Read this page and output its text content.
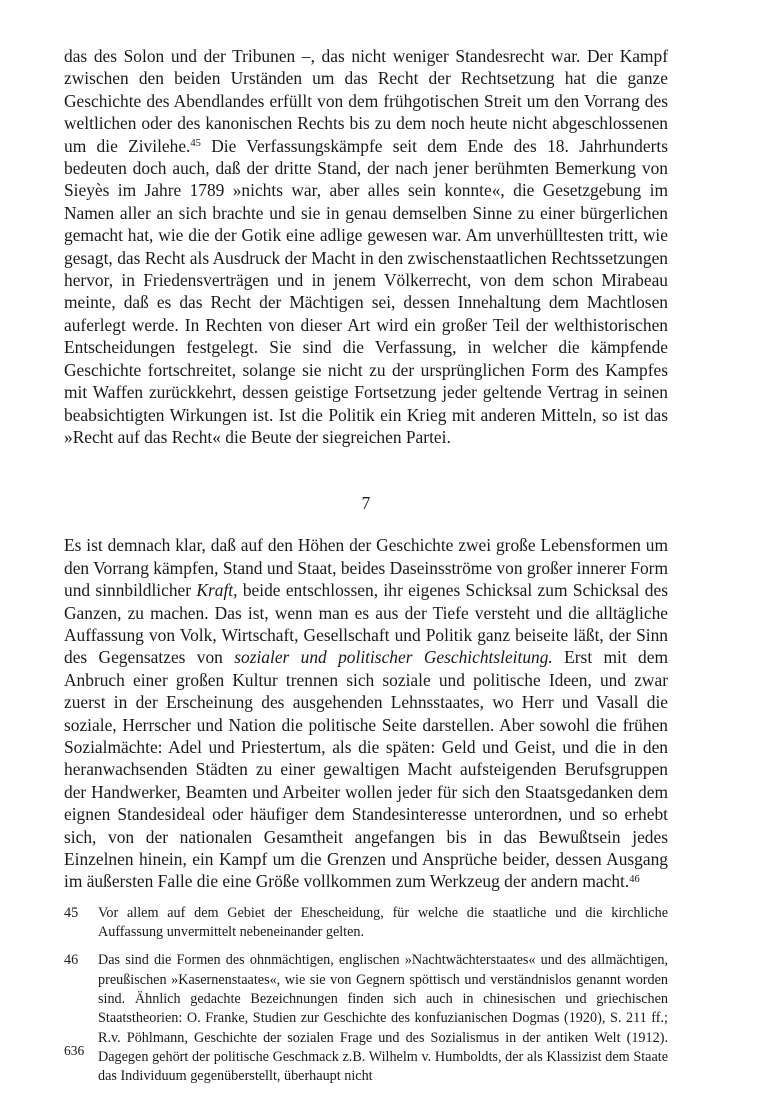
das des Solon und der Tribunen –, das nicht weniger Standesrecht war. Der Kampf zwischen den beiden Urständen um das Recht der Rechtsetzung hat die ganze Geschichte des Abendlandes erfüllt von dem frühgotischen Streit um den Vorrang des weltlichen oder des kanonischen Rechts bis zu dem noch heute nicht abgeschlossenen um die Zivilehe.$^{45}$ Die Verfassungskämpfe seit dem Ende des 18. Jahrhunderts bedeuten doch auch, daß der dritte Stand, der nach jener berühmten Bemerkung von Sieyès im Jahre 1789 »nichts war, aber alles sein konnte«, die Gesetzgebung im Namen aller an sich brachte und sie in genau demselben Sinne zu einer bürgerlichen gemacht hat, wie die der Gotik eine adlige gewesen war. Am unverhülltesten tritt, wie gesagt, das Recht als Ausdruck der Macht in den zwischenstaatlichen Rechtssetzungen hervor, in Friedensverträgen und in jenem Völkerrecht, von dem schon Mirabeau meinte, daß es das Recht der Mächtigen sei, dessen Innehaltung dem Machtlosen auferlegt werde. In Rechten von dieser Art wird ein großer Teil der welthistorischen Entscheidungen festgelegt. Sie sind die Verfassung, in welcher die kämpfende Geschichte fortschreitet, solange sie nicht zu der ursprünglichen Form des Kampfes mit Waffen zurückkehrt, dessen geistige Fortsetzung jeder geltende Vertrag in seinen beabsichtigten Wirkungen ist. Ist die Politik ein Krieg mit anderen Mitteln, so ist das »Recht auf das Recht« die Beute der siegreichen Partei.

7

Es ist demnach klar, daß auf den Höhen der Geschichte zwei große Lebensformen um den Vorrang kämpfen, Stand und Staat, beides Daseinsströme von großer innerer Form und sinnbildlicher Kraft, beide entschlossen, ihr eigenes Schicksal zum Schicksal des Ganzen, zu machen. Das ist, wenn man es aus der Tiefe versteht und die alltägliche Auffassung von Volk, Wirtschaft, Gesellschaft und Politik ganz beiseite läßt, der Sinn des Gegensatzes von sozialer und politischer Geschichtsleitung. Erst mit dem Anbruch einer großen Kultur trennen sich soziale und politische Ideen, und zwar zuerst in der Erscheinung des ausgehenden Lehnsstaates, wo Herr und Vasall die soziale, Herrscher und Nation die politische Seite darstellen. Aber sowohl die frühen Sozialmächte: Adel und Priestertum, als die späten: Geld und Geist, und die in den heranwachsenden Städten zu einer gewaltigen Macht aufsteigenden Berufsgruppen der Handwerker, Beamten und Arbeiter wollen jeder für sich den Staatsgedanken dem eignen Standesideal oder häufiger dem Standesinteresse unterordnen, und so erhebt sich, von der nationalen Gesamtheit angefangen bis in das Bewußtsein jedes Einzelnen hinein, ein Kampf um die Grenzen und Ansprüche beider, dessen Ausgang im äußersten Falle die eine Größe vollkommen zum Werkzeug der andern macht.$^{46}$

45	Vor allem auf dem Gebiet der Ehescheidung, für welche die staatliche und die kirchliche Auffassung unvermittelt nebeneinander gelten.
46	Das sind die Formen des ohnmächtigen, englischen »Nachtwächterstaates« und des allmächtigen, preußischen »Kasernenstaates«, wie sie von Gegnern spöttisch und verständnislos genannt worden sind. Ähnlich gedachte Bezeichnungen finden sich auch in chinesischen und griechischen Staatstheorien: O. Franke, Studien zur Geschichte des konfuzianischen Dogmas (1920), S. 211 ff.; R.v. Pöhlmann, Geschichte der sozialen Frage und des Sozialismus in der antiken Welt (1912). Dagegen gehört der politische Geschmack z.B. Wilhelm v. Humboldts, der als Klassizist dem Staate das Individuum gegenüberstellt, überhaupt nicht
636
